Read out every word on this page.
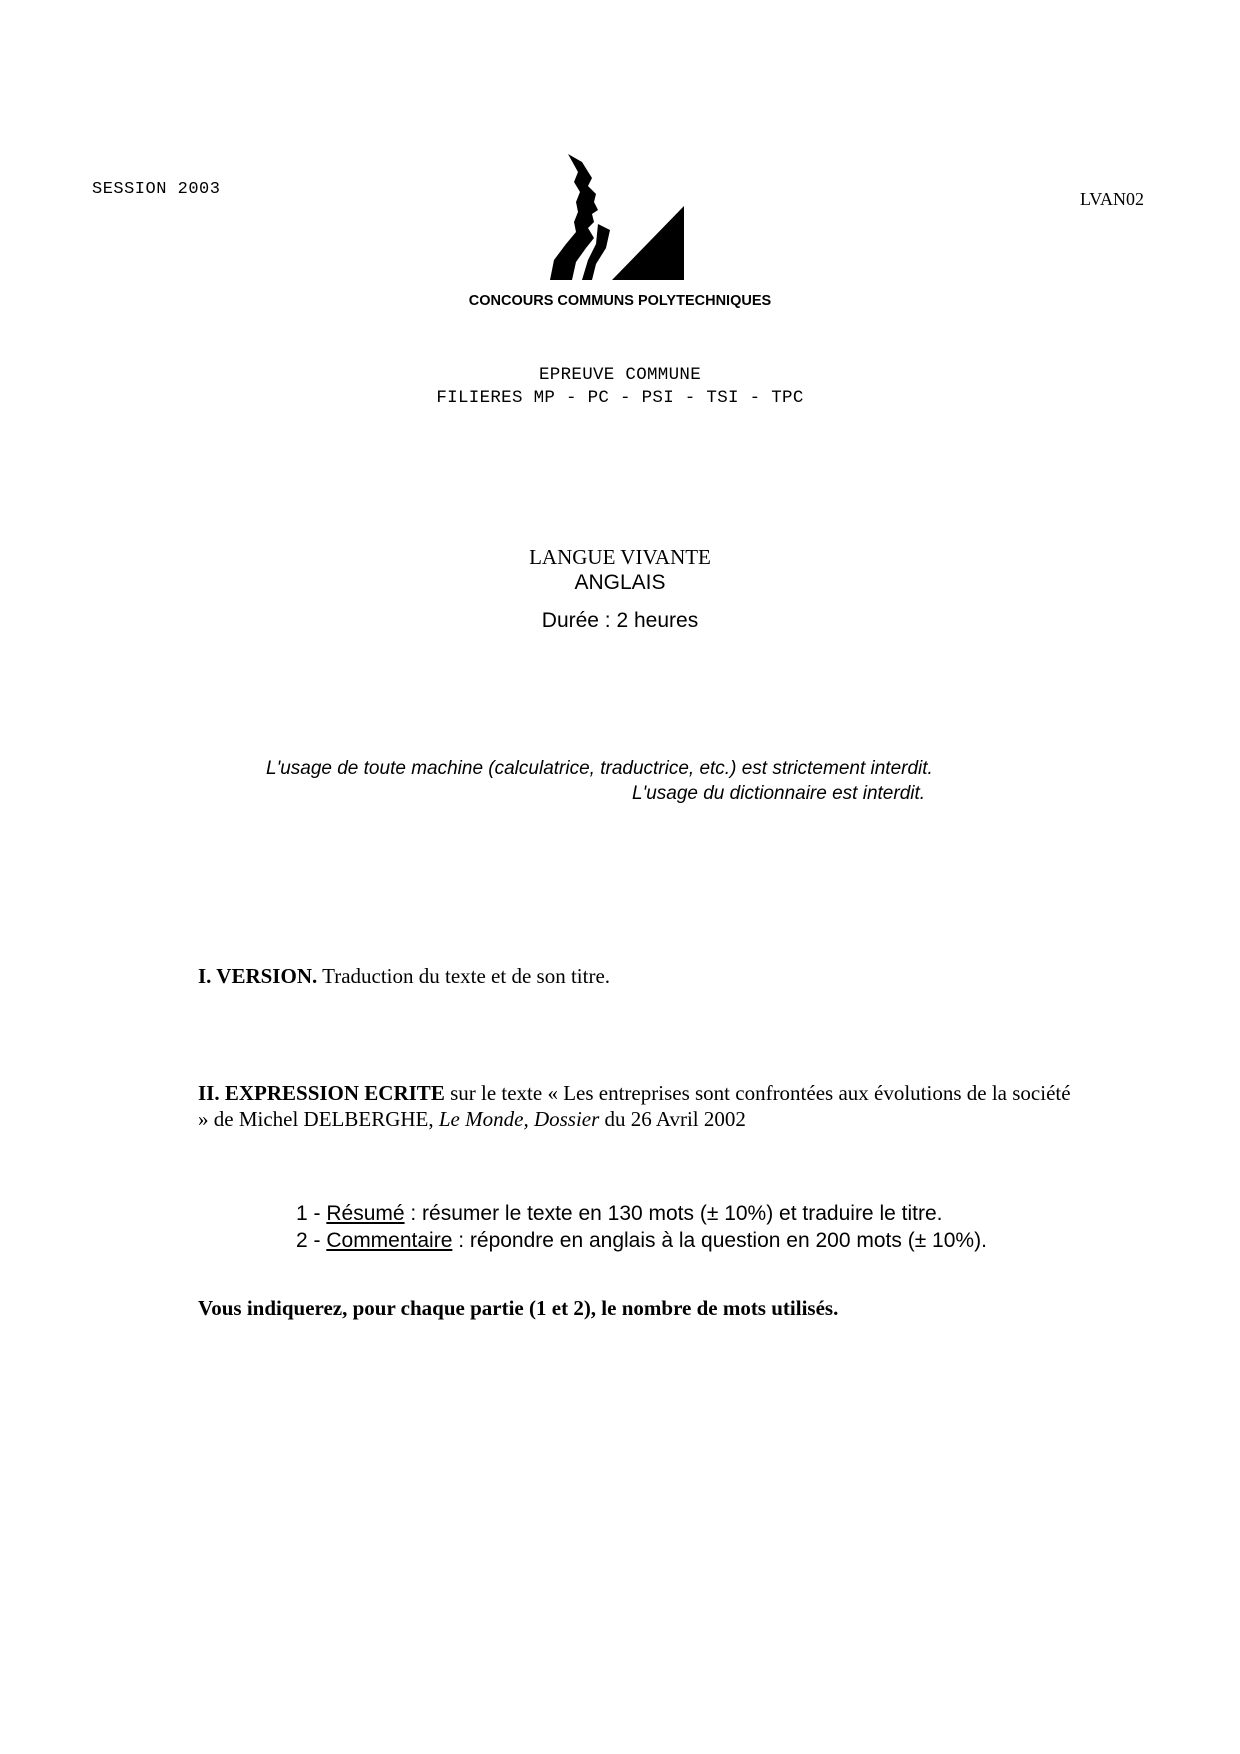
SESSION 2003	LVAN02
CONCOURS COMMUNS POLYTECHNIQUES
EPREUVE COMMUNE
FILIERES MP - PC - PSI - TSI - TPC
LANGUE VIVANTE
ANGLAIS
Durée : 2 heures
L'usage de toute machine (calculatrice, traductrice, etc.) est strictement interdit.
L'usage du dictionnaire est interdit.
I. VERSION. Traduction du texte et de son titre.
II. EXPRESSION ECRITE sur le texte « Les entreprises sont confrontées aux évolutions de la société » de Michel DELBERGHE, Le Monde, Dossier du 26 Avril 2002
1 - Résumé : résumer le texte en 130 mots (± 10%) et traduire le titre.
2 - Commentaire : répondre en anglais à la question en 200 mots (± 10%).
Vous indiquerez, pour chaque partie (1 et 2), le nombre de mots utilisés.
